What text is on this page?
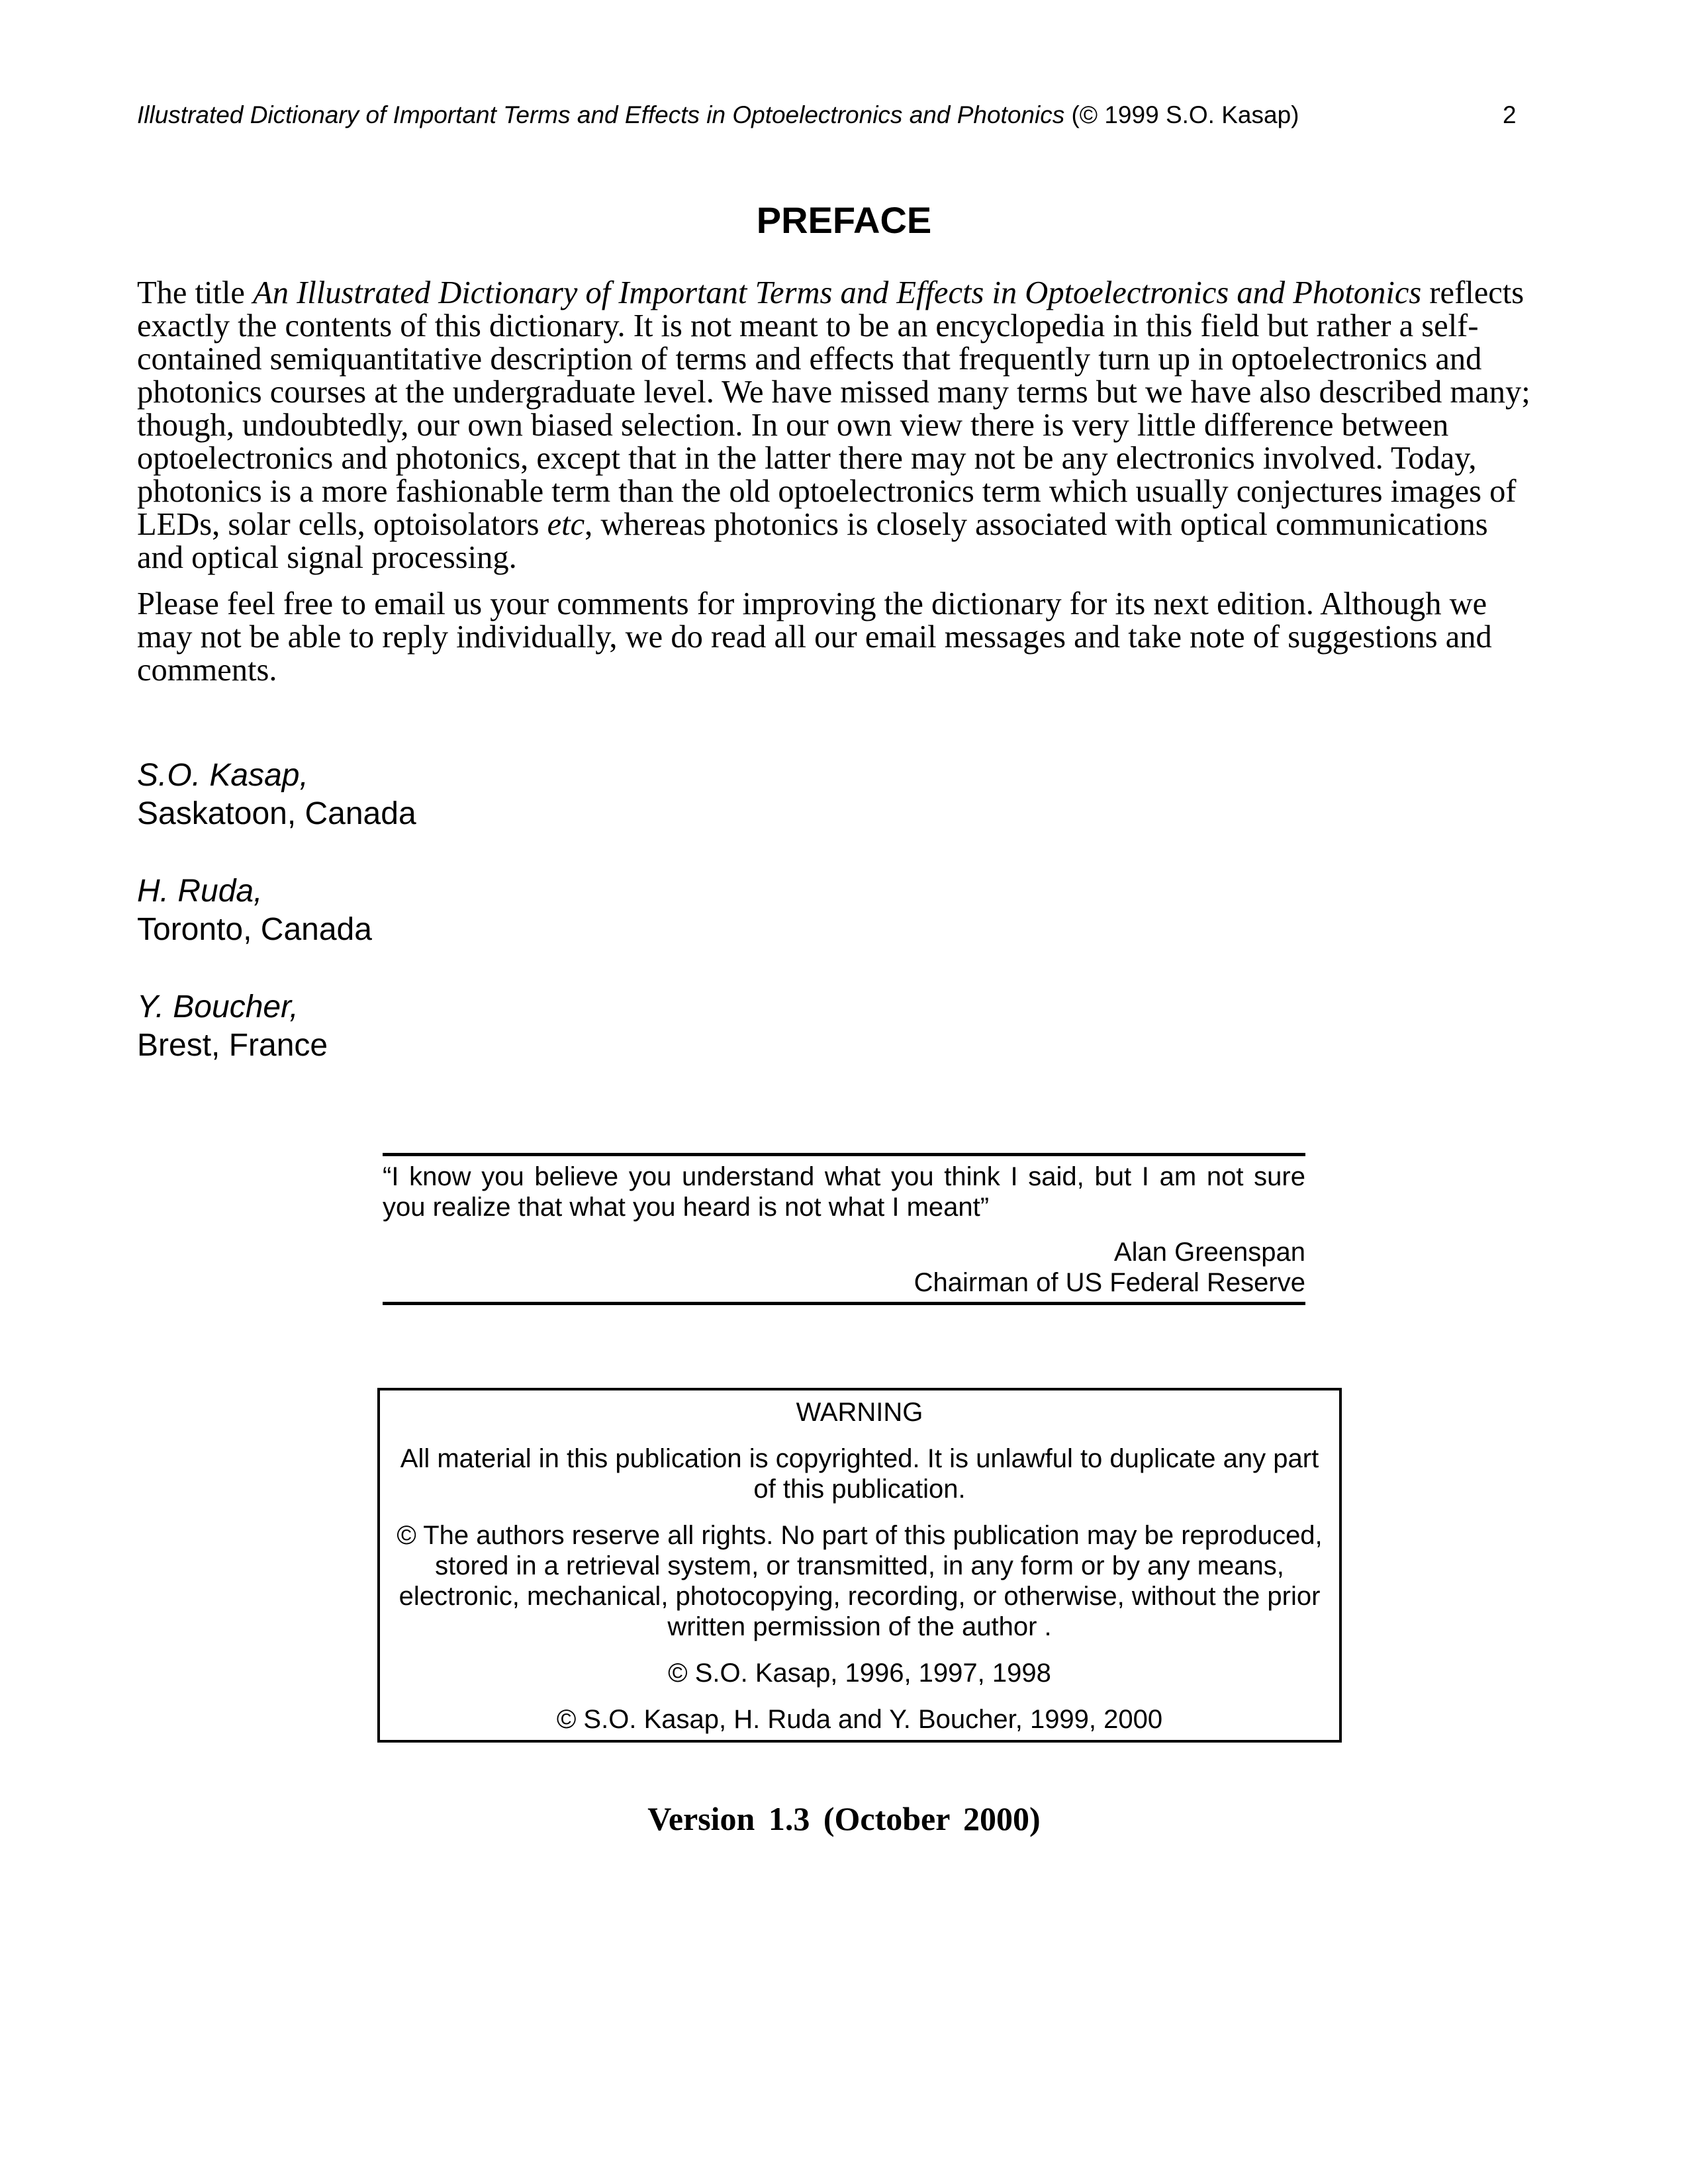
Illustrated Dictionary of Important Terms and Effects in Optoelectronics and Photonics (© 1999 S.O. Kasap)	2
PREFACE

The title An Illustrated Dictionary of Important Terms and Effects in Optoelectronics and Photonics reflects exactly the contents of this dictionary. It is not meant to be an encyclopedia in this field but rather a self-contained semiquantitative description of terms and effects that frequently turn up in optoelectronics and photonics courses at the undergraduate level. We have missed many terms but we have also described many; though, undoubtedly, our own biased selection. In our own view there is very little difference between optoelectronics and photonics, except that in the latter there may not be any electronics involved. Today, photonics is a more fashionable term than the old optoelectronics term which usually conjectures images of LEDs, solar cells, optoisolators etc, whereas photonics is closely associated with optical communications and optical signal processing.

Please feel free to email us your comments for improving the dictionary for its next edition. Although we may not be able to reply individually, we do read all our email messages and take note of suggestions and comments.

S.O. Kasap,
Saskatoon, Canada
H. Ruda,
Toronto, Canada
Y. Boucher,
Brest, France
“I know you believe you understand what you think I said, but I am not sure you realize that what you heard is not what I meant”
Alan Greenspan
Chairman of US Federal Reserve

WARNING

All material in this publication is copyrighted. It is unlawful to duplicate any part of this publication.

© The authors reserve all rights. No part of this publication may be reproduced, stored in a retrieval system, or transmitted, in any form or by any means, electronic, mechanical, photocopying, recording, or otherwise, without the prior written permission of the author .

© S.O. Kasap, 1996, 1997, 1998

© S.O. Kasap, H. Ruda and Y. Boucher, 1999, 2000

Version 1.3 (October 2000)
